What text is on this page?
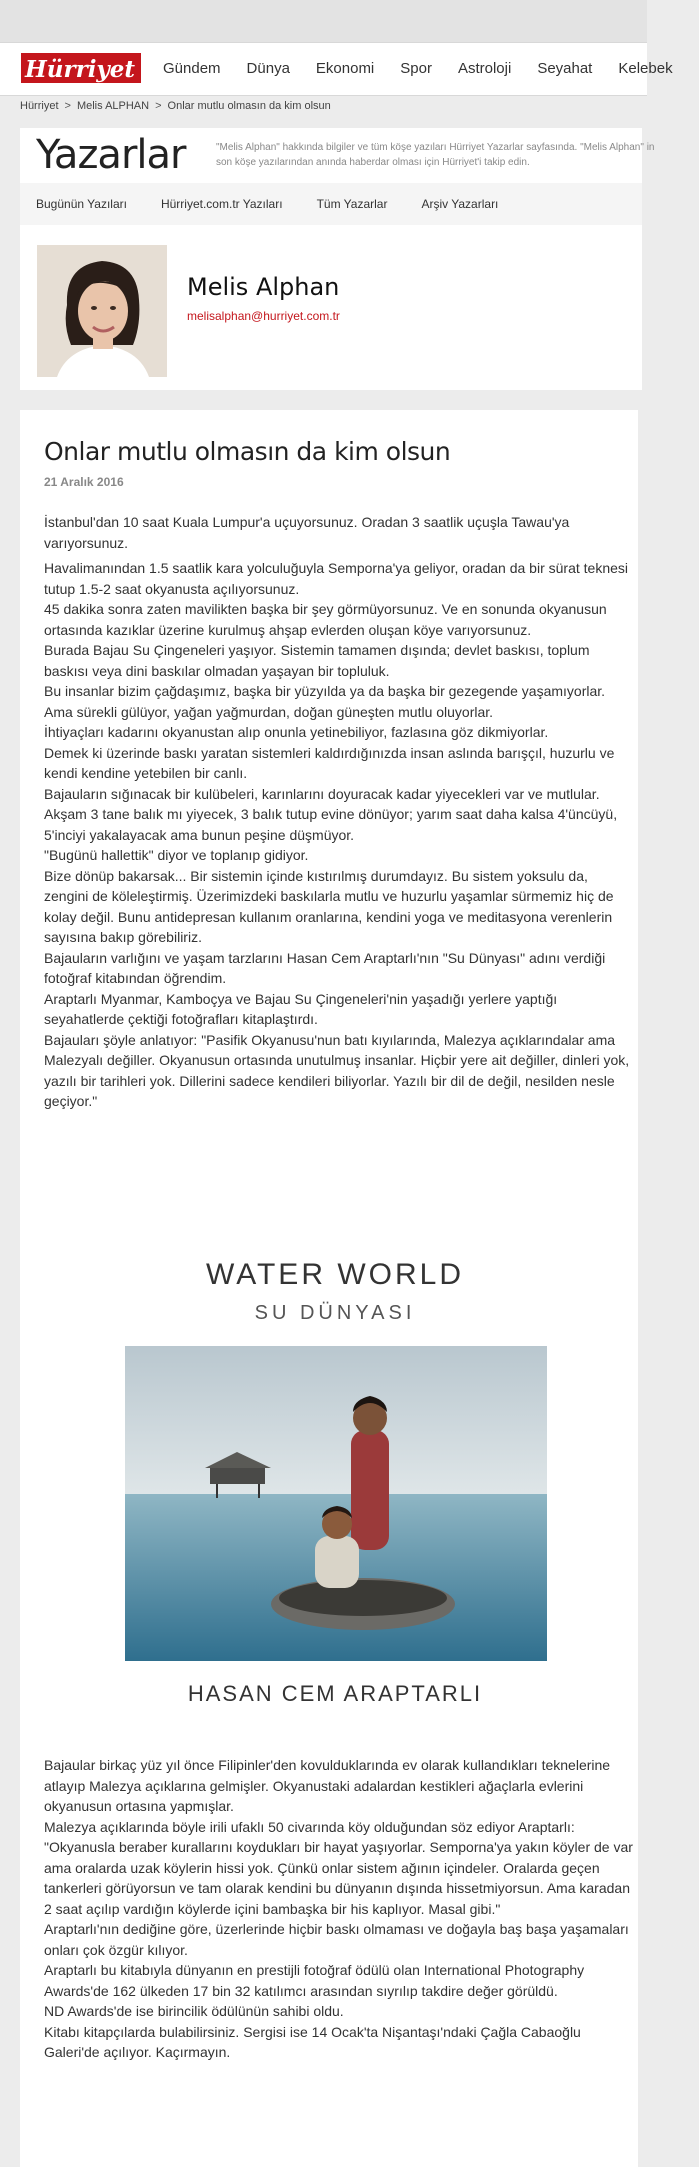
Hürriyet Gündem Dünya Ekonomi Spor Astroloji Seyahat Kelebek
Hürriyet > Melis ALPHAN > Onlar mutlu olmasın da kim olsun
Yazarlar	"Melis Alphan" hakkında bilgiler ve tüm köşe yazıları Hürriyet Yazarlar sayfasında. "Melis Alphan" in son köşe yazılarından anında haberdar olması için Hürriyet'i takip edin.
Bugünün Yazıları	Hürriyet.com.tr Yazıları	Tüm Yazarlar	Arşiv Yazarları
Melis Alphan
melisalphan@hurriyet.com.tr
Onlar mutlu olmasın da kim olsun
21 Aralık 2016

İstanbul'dan 10 saat Kuala Lumpur'a uçuyorsunuz. Oradan 3 saatlik uçuşla Tawau'ya varıyorsunuz.

Havalimanından 1.5 saatlik kara yolculuğuyla Semporna'ya geliyor, oradan da bir sürat teknesi tutup 1.5-2 saat okyanusta açılıyorsunuz.

45 dakika sonra zaten mavilikten başka bir şey görmüyorsunuz. Ve en sonunda okyanusun ortasında kazıklar üzerine kurulmuş ahşap evlerden oluşan köye varıyorsunuz.

Burada Bajau Su Çingeneleri yaşıyor. Sistemin tamamen dışında; devlet baskısı, toplum baskısı veya dini baskılar olmadan yaşayan bir topluluk.

Bu insanlar bizim çağdaşımız, başka bir yüzyılda ya da başka bir gezegende yaşamıyorlar.

Ama sürekli gülüyor, yağan yağmurdan, doğan güneşten mutlu oluyorlar.

İhtiyaçları kadarını okyanustan alıp onunla yetinebiliyor, fazlasına göz dikmiyorlar.

Demek ki üzerinde baskı yaratan sistemleri kaldırdığınızda insan aslında barışçıl, huzurlu ve kendi kendine yetebilen bir canlı.

Bajauların sığınacak bir kulübeleri, karınlarını doyuracak kadar yiyecekleri var ve mutlular.

Akşam 3 tane balık mı yiyecek, 3 balık tutup evine dönüyor; yarım saat daha kalsa 4'üncüyü, 5'inciyi yakalayacak ama bunun peşine düşmüyor.

"Bugünü hallettik" diyor ve toplanıp gidiyor.

Bize dönüp bakarsak... Bir sistemin içinde kıstırılmış durumdayız. Bu sistem yoksulu da, zengini de köleleştirmiş. Üzerimizdeki baskılarla mutlu ve huzurlu yaşamlar sürmemiz hiç de kolay değil. Bunu antidepresan kullanım oranlarına, kendini yoga ve meditasyona verenlerin sayısına bakıp görebiliriz.

Bajauların varlığını ve yaşam tarzlarını Hasan Cem Araptarlı'nın "Su Dünyası" adını verdiği fotoğraf kitabından öğrendim.

Araptarlı Myanmar, Kamboçya ve Bajau Su Çingeneleri'nin yaşadığı yerlere yaptığı seyahatlerde çektiği fotoğrafları kitaplaştırdı.

Bajauları şöyle anlatıyor: "Pasifik Okyanusu'nun batı kıyılarında, Malezya açıklarındalar ama Malezyalı değiller. Okyanusun ortasında unutulmuş insanlar. Hiçbir yere ait değiller, dinleri yok, yazılı bir tarihleri yok. Dillerini sadece kendileri biliyorlar. Yazılı bir dil de değil, nesilden nesle geçiyor."

WATER WORLD
SU DÜNYASI
HASAN CEM ARAPTARLI

Bajaular birkaç yüz yıl önce Filipinler'den kovulduklarında ev olarak kullandıkları teknelerine atlayıp Malezya açıklarına gelmişler. Okyanustaki adalardan kestikleri ağaçlarla evlerini okyanusun ortasına yapmışlar.

Malezya açıklarında böyle irili ufaklı 50 civarında köy olduğundan söz ediyor Araptarlı:

"Okyanusla beraber kurallarını koydukları bir hayat yaşıyorlar. Semporna'ya yakın köyler de var ama oralarda uzak köylerin hissi yok. Çünkü onlar sistem ağının içindeler. Oralarda geçen tankerleri görüyorsun ve tam olarak kendini bu dünyanın dışında hissetmiyorsun. Ama karadan 2 saat açılıp vardığın köylerde içini bambaşka bir his kaplıyor. Masal gibi."

Araptarlı'nın dediğine göre, üzerlerinde hiçbir baskı olmaması ve doğayla baş başa yaşamaları onları çok özgür kılıyor.

Araptarlı bu kitabıyla dünyanın en prestijli fotoğraf ödülü olan International Photography Awards'de 162 ülkeden 17 bin 32 katılımcı arasından sıyrılıp takdire değer görüldü.

ND Awards'de ise birincilik ödülünün sahibi oldu.

Kitabı kitapçılarda bulabilirsiniz. Sergisi ise 14 Ocak'ta Nişantaşı'ndaki Çağla Cabaoğlu Galeri'de açılıyor. Kaçırmayın.
